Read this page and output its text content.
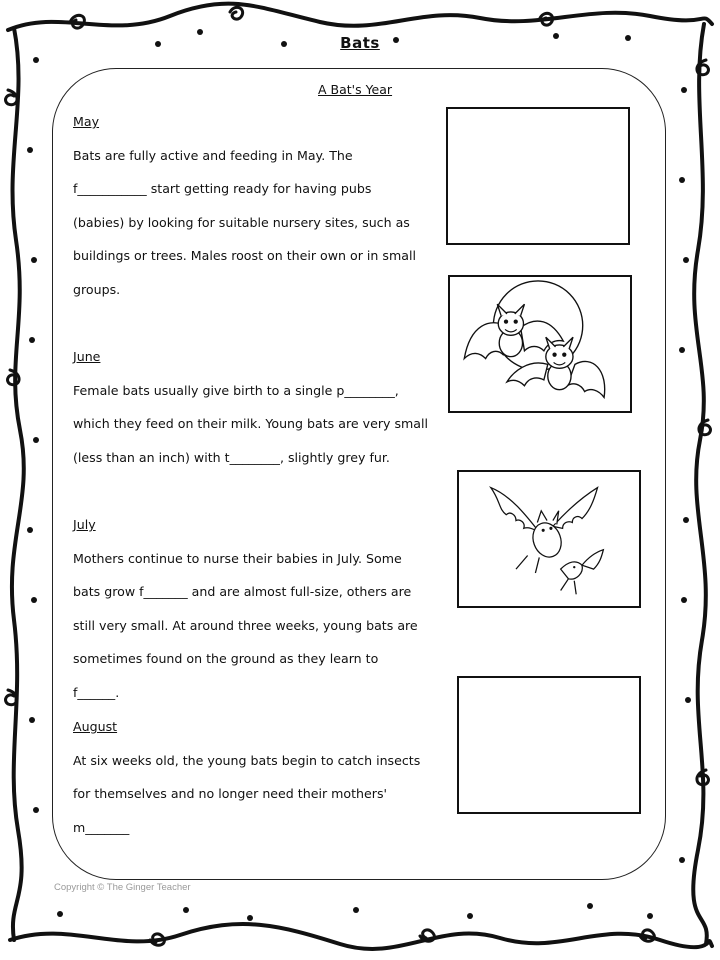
Bats
A Bat's Year

May

Bats are fully active and feeding in May. The

f___________ start getting ready for having pubs

(babies) by looking for suitable nursery sites, such as

buildings or trees. Males roost on their own or in small

groups.

June

Female bats usually give birth to a single p________,

which they feed on their milk. Young bats are very small

(less than an inch) with t________, slightly grey fur.

July

Mothers continue to nurse their babies in July. Some

bats grow f_______ and are almost full-size, others are

still very small. At around three weeks, young bats are

sometimes found on the ground as they learn to

f______.

August

At six weeks old, the young bats begin to catch insects

for themselves and no longer need their mothers'

m_______

Copyright © The Ginger Teacher
